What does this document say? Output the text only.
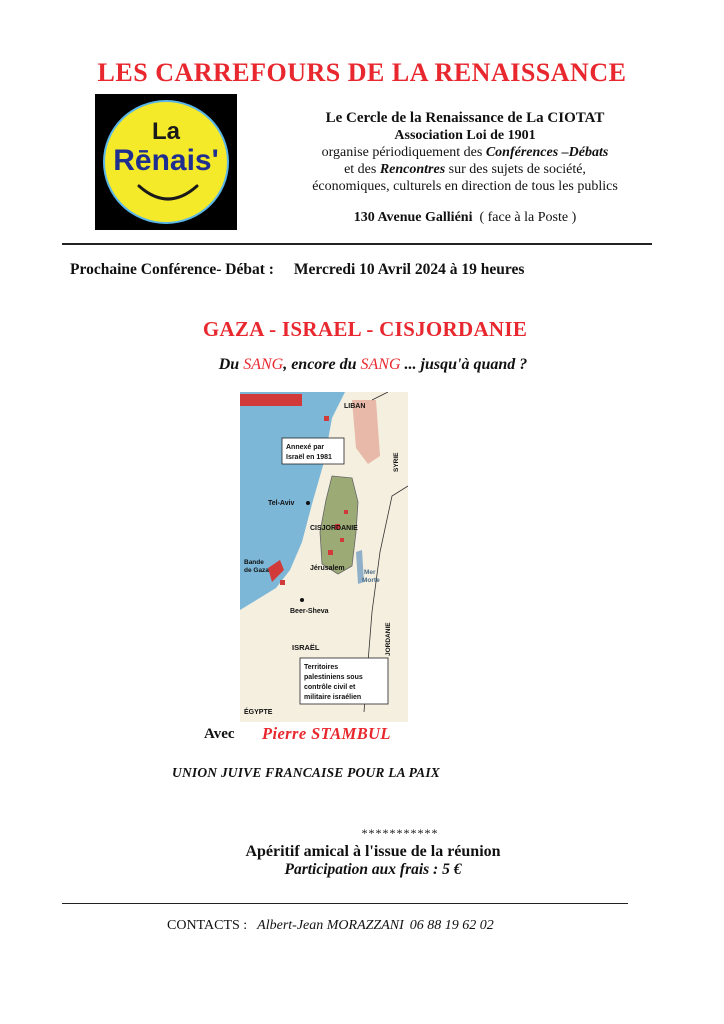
LES CARREFOURS DE LA RENAISSANCE
La
Rēnais'
Le Cercle de la Renaissance de La CIOTAT
Association Loi de 1901
organise périodiquement des Conférences –Débats
et des Rencontres sur des sujets de société,
économiques, culturels en direction de tous les publics
130 Avenue Galliéni ( face à la Poste )
Prochaine Conférence- Débat : Mercredi 10 Avril 2024 à 19 heures
GAZA - ISRAEL - CISJORDANIE
Du SANG, encore du SANG ... jusqu'à quand ?
LIBAN
SYRIE
Annexé par
Israël en 1981
Tel-Aviv
CISJORDANIE
Bande
de Gaza	Jérusalem
Mer
Morte
Beer-Sheva
ISRAËL	JORDANIE
Territoires
palestiniens sous
contrôle civil et
militaire israélien
ÉGYPTE
Avec Pierre STAMBUL
UNION JUIVE FRANCAISE POUR LA PAIX
***********
Apéritif amical à l'issue de la réunion
Participation aux frais : 5 €
CONTACTS : Albert-Jean MORAZZANI 06 88 19 62 02
